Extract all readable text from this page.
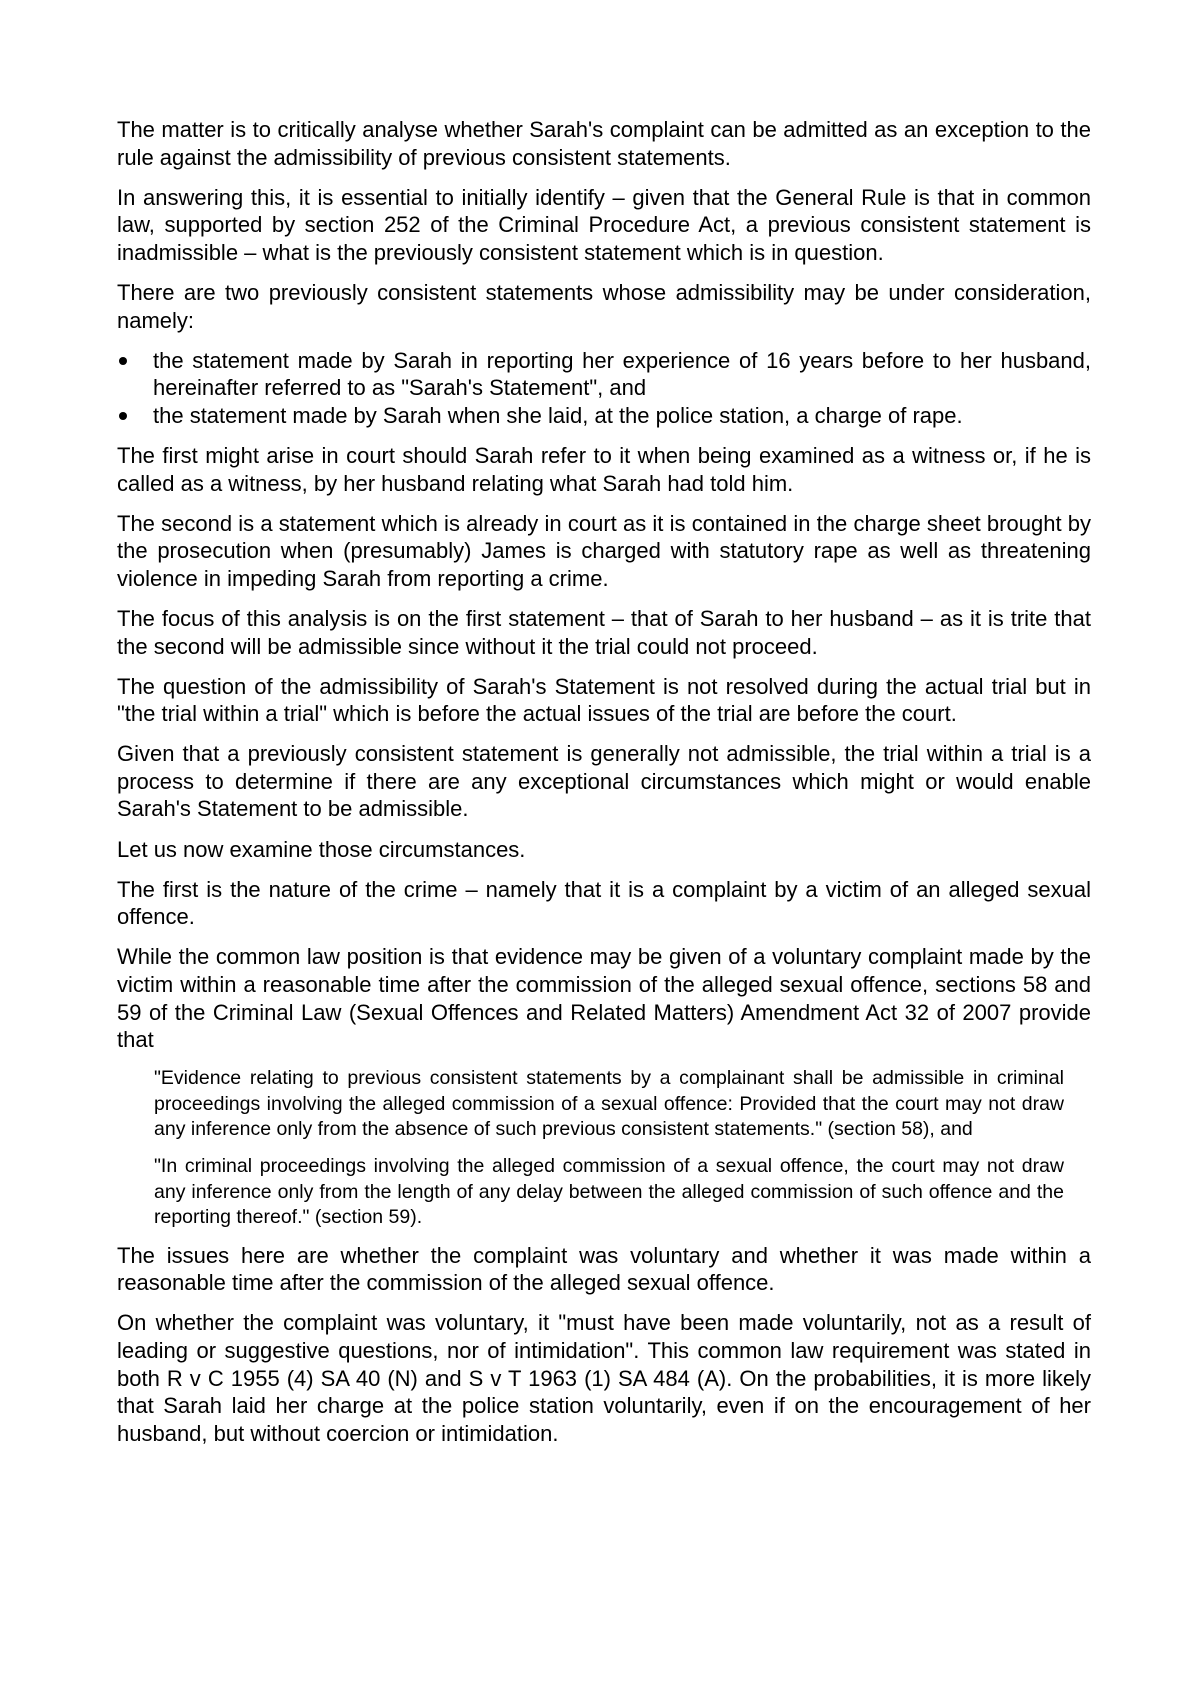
The matter is to critically analyse whether Sarah's complaint can be admitted as an exception to the rule against the admissibility of previous consistent statements.

In answering this, it is essential to initially identify – given that the General Rule is that in common law, supported by section 252 of the Criminal Procedure Act, a previous consistent statement is inadmissible – what is the previously consistent statement which is in question.

There are two previously consistent statements whose admissibility may be under consideration, namely:

the statement made by Sarah in reporting her experience of 16 years before to her husband, hereinafter referred to as "Sarah's Statement", and
the statement made by Sarah when she laid, at the police station, a charge of rape.

The first might arise in court should Sarah refer to it when being examined as a witness or, if he is called as a witness, by her husband relating what Sarah had told him.

The second is a statement which is already in court as it is contained in the charge sheet brought by the prosecution when (presumably) James is charged with statutory rape as well as threatening violence in impeding Sarah from reporting a crime.

The focus of this analysis is on the first statement – that of Sarah to her husband – as it is trite that the second will be admissible since without it the trial could not proceed.

The question of the admissibility of Sarah's Statement is not resolved during the actual trial but in "the trial within a trial" which is before the actual issues of the trial are before the court.

Given that a previously consistent statement is generally not admissible, the trial within a trial is a process to determine if there are any exceptional circumstances which might or would enable Sarah's Statement to be admissible.

Let us now examine those circumstances.

The first is the nature of the crime – namely that it is a complaint by a victim of an alleged sexual offence.

While the common law position is that evidence may be given of a voluntary complaint made by the victim within a reasonable time after the commission of the alleged sexual offence, sections 58 and 59 of the Criminal Law (Sexual Offences and Related Matters) Amendment Act 32 of 2007 provide that

"Evidence relating to previous consistent statements by a complainant shall be admissible in criminal proceedings involving the alleged commission of a sexual offence: Provided that the court may not draw any inference only from the absence of such previous consistent statements." (section 58), and
"In criminal proceedings involving the alleged commission of a sexual offence, the court may not draw any inference only from the length of any delay between the alleged commission of such offence and the reporting thereof." (section 59).

The issues here are whether the complaint was voluntary and whether it was made within a reasonable time after the commission of the alleged sexual offence.

On whether the complaint was voluntary, it "must have been made voluntarily, not as a result of leading or suggestive questions, nor of intimidation". This common law requirement was stated in both R v C 1955 (4) SA 40 (N) and S v T 1963 (1) SA 484 (A). On the probabilities, it is more likely that Sarah laid her charge at the police station voluntarily, even if on the encouragement of her husband, but without coercion or intimidation.
